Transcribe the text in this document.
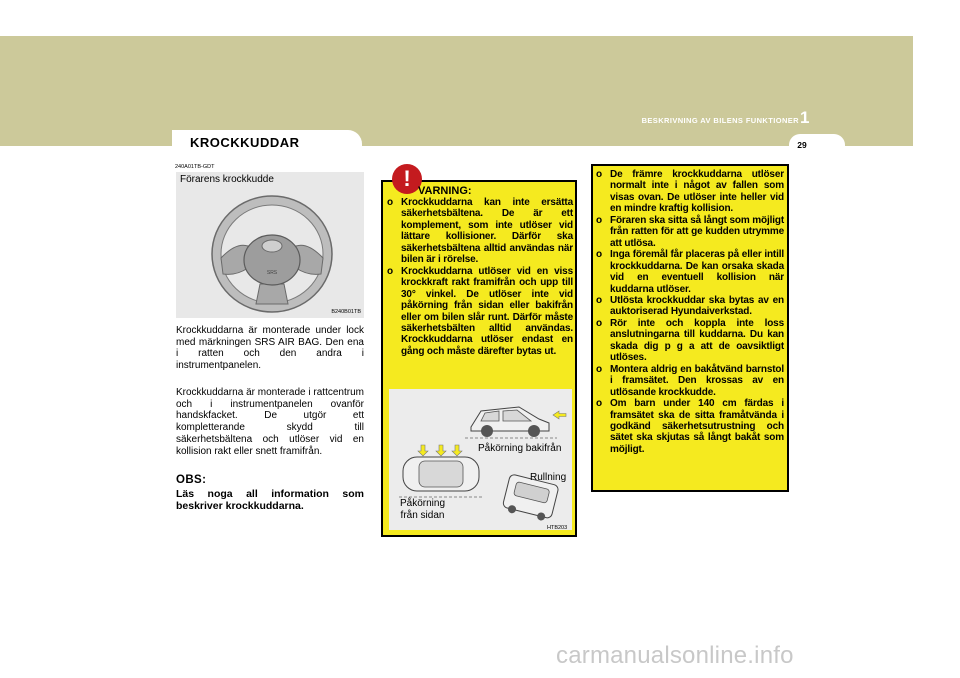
BESKRIVNING AV BILENS FUNKTIONER 1
29
KROCKKUDDAR
240A01TB-GDT
SRS
Förarens krockkudde
B240B01TB
Krockkuddarna är monterade under lock med märkningen SRS AIR BAG. Den ena i ratten och den andra i instrumentpanelen.
Krockkuddarna är monterade i rattcentrum och i instrumentpanelen ovanför handskfacket. De utgör ett kompletterande skydd till säkerhetsbältena och utlöser vid en kollision rakt eller snett framifrån.
OBS:
Läs noga all information som beskriver krockkuddarna.
! VARNING:
o Krockkuddarna kan inte ersätta säkerhetsbältena. De är ett komplement, som inte utlöser vid lättare kollisioner. Därför ska säkerhetsbältena alltid användas när bilen är i rörelse.
o Krockkuddarna utlöser vid en viss krockkraft rakt framifrån och upp till 30° vinkel. De utlöser inte vid påkörning från sidan eller bakifrån eller om bilen slår runt. Därför måste säkerhetsbälten alltid användas. Krockkuddarna utlöser endast en gång och måste därefter bytas ut.
Påkörning bakifrån
Rullning
Påkörning
från sidan
HTB203
o De främre krockkuddarna utlöser normalt inte i något av fallen som visas ovan. De utlöser inte heller vid en mindre kraftig kollision.
o Föraren ska sitta så långt som möjligt från ratten för att ge kudden utrymme att utlösa.
o Inga föremål får placeras på eller intill krockkuddarna. De kan orsaka skada vid en eventuell kollision när kuddarna utlöser.
o Utlösta krockkuddar ska bytas av en auktoriserad Hyundaiverkstad.
o Rör inte och koppla inte loss anslutningarna till kuddarna. Du kan skada dig p g a att de oavsiktligt utlöses.
o Montera aldrig en bakåtvänd barnstol i framsätet. Den krossas av en utlösande krockkudde.
o Om barn under 140 cm färdas i framsätet ska de sitta framåtvända i godkänd säkerhetsutrustning och sätet ska skjutas så långt bakåt som möjligt.
carmanualsonline.info
